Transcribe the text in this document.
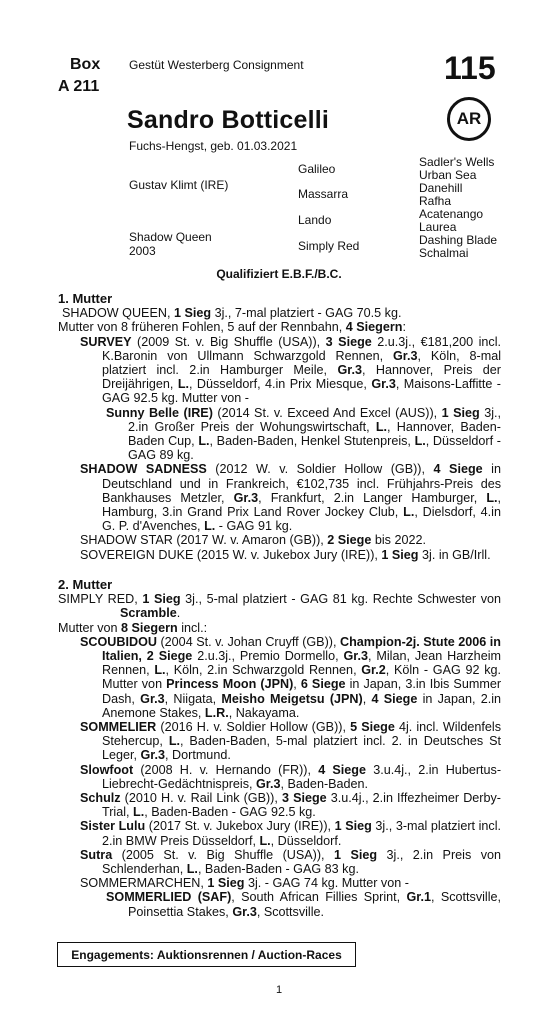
Box
A 211
Gestüt Westerberg Consignment	115
Sandro Botticelli	AR
Fuchs-Hengst, geb. 01.03.2021
Gustav Klimt (IRE)
Shadow Queen
2003
Galileo
Massarra
Lando
Simply Red
Sadler's Wells
Urban Sea
Danehill
Rafha
Acatenango
Laurea
Dashing Blade
Schalmai
Qualifiziert E.B.F./B.C.
1. Mutter
SHADOW QUEEN, 1 Sieg 3j., 7-mal platziert - GAG 70.5 kg.
Mutter von 8 früheren Fohlen, 5 auf der Rennbahn, 4 Siegern:
SURVEY (2009 St. v. Big Shuffle (USA)), 3 Siege 2.u.3j., €181,200 incl. K.Baronin von Ullmann Schwarzgold Rennen, Gr.3, Köln, 8-mal platziert incl. 2.in Hamburger Meile, Gr.3, Hannover, Preis der Dreijährigen, L., Düsseldorf, 4.in Prix Miesque, Gr.3, Maisons-Laffitte - GAG 92.5 kg. Mutter von -
Sunny Belle (IRE) (2014 St. v. Exceed And Excel (AUS)), 1 Sieg 3j., 2.in Großer Preis der Wohungswirtschaft, L., Hannover, Baden-Baden Cup, L., Baden-Baden, Henkel Stutenpreis, L., Düsseldorf - GAG 89 kg.
SHADOW SADNESS (2012 W. v. Soldier Hollow (GB)), 4 Siege in Deutschland und in Frankreich, €102,735 incl. Frühjahrs-Preis des Bankhauses Metzler, Gr.3, Frankfurt, 2.in Langer Hamburger, L., Hamburg, 3.in Grand Prix Land Rover Jockey Club, L., Dielsdorf, 4.in G. P. d'Avenches, L. - GAG 91 kg.
SHADOW STAR (2017 W. v. Amaron (GB)), 2 Siege bis 2022.
SOVEREIGN DUKE (2015 W. v. Jukebox Jury (IRE)), 1 Sieg 3j. in GB/Irll.
2. Mutter
SIMPLY RED, 1 Sieg 3j., 5-mal platziert - GAG 81 kg. Rechte Schwester von Scramble.
Mutter von 8 Siegern incl.:
SCOUBIDOU (2004 St. v. Johan Cruyff (GB)), Champion-2j. Stute 2006 in Italien, 2 Siege 2.u.3j., Premio Dormello, Gr.3, Milan, Jean Harzheim Rennen, L., Köln, 2.in Schwarzgold Rennen, Gr.2, Köln - GAG 92 kg. Mutter von Princess Moon (JPN), 6 Siege in Japan, 3.in Ibis Summer Dash, Gr.3, Niigata, Meisho Meigetsu (JPN), 4 Siege in Japan, 2.in Anemone Stakes, L.R., Nakayama.
SOMMELIER (2016 H. v. Soldier Hollow (GB)), 5 Siege 4j. incl. Wildenfels Stehercup, L., Baden-Baden, 5-mal platziert incl. 2. in Deutsches St Leger, Gr.3, Dortmund.
Slowfoot (2008 H. v. Hernando (FR)), 4 Siege 3.u.4j., 2.in Hubertus-Liebrecht-Gedächtnispreis, Gr.3, Baden-Baden.
Schulz (2010 H. v. Rail Link (GB)), 3 Siege 3.u.4j., 2.in Iffezheimer Derby-Trial, L., Baden-Baden - GAG 92.5 kg.
Sister Lulu (2017 St. v. Jukebox Jury (IRE)), 1 Sieg 3j., 3-mal platziert incl. 2.in BMW Preis Düsseldorf, L., Düsseldorf.
Sutra (2005 St. v. Big Shuffle (USA)), 1 Sieg 3j., 2.in Preis von Schlenderhan, L., Baden-Baden - GAG 83 kg.
SOMMERMARCHEN, 1 Sieg 3j. - GAG 74 kg. Mutter von -
SOMMERLIED (SAF), South African Fillies Sprint, Gr.1, Scottsville, Poinsettia Stakes, Gr.3, Scottsville.
Engagements: Auktionsrennen / Auction-Races
1
